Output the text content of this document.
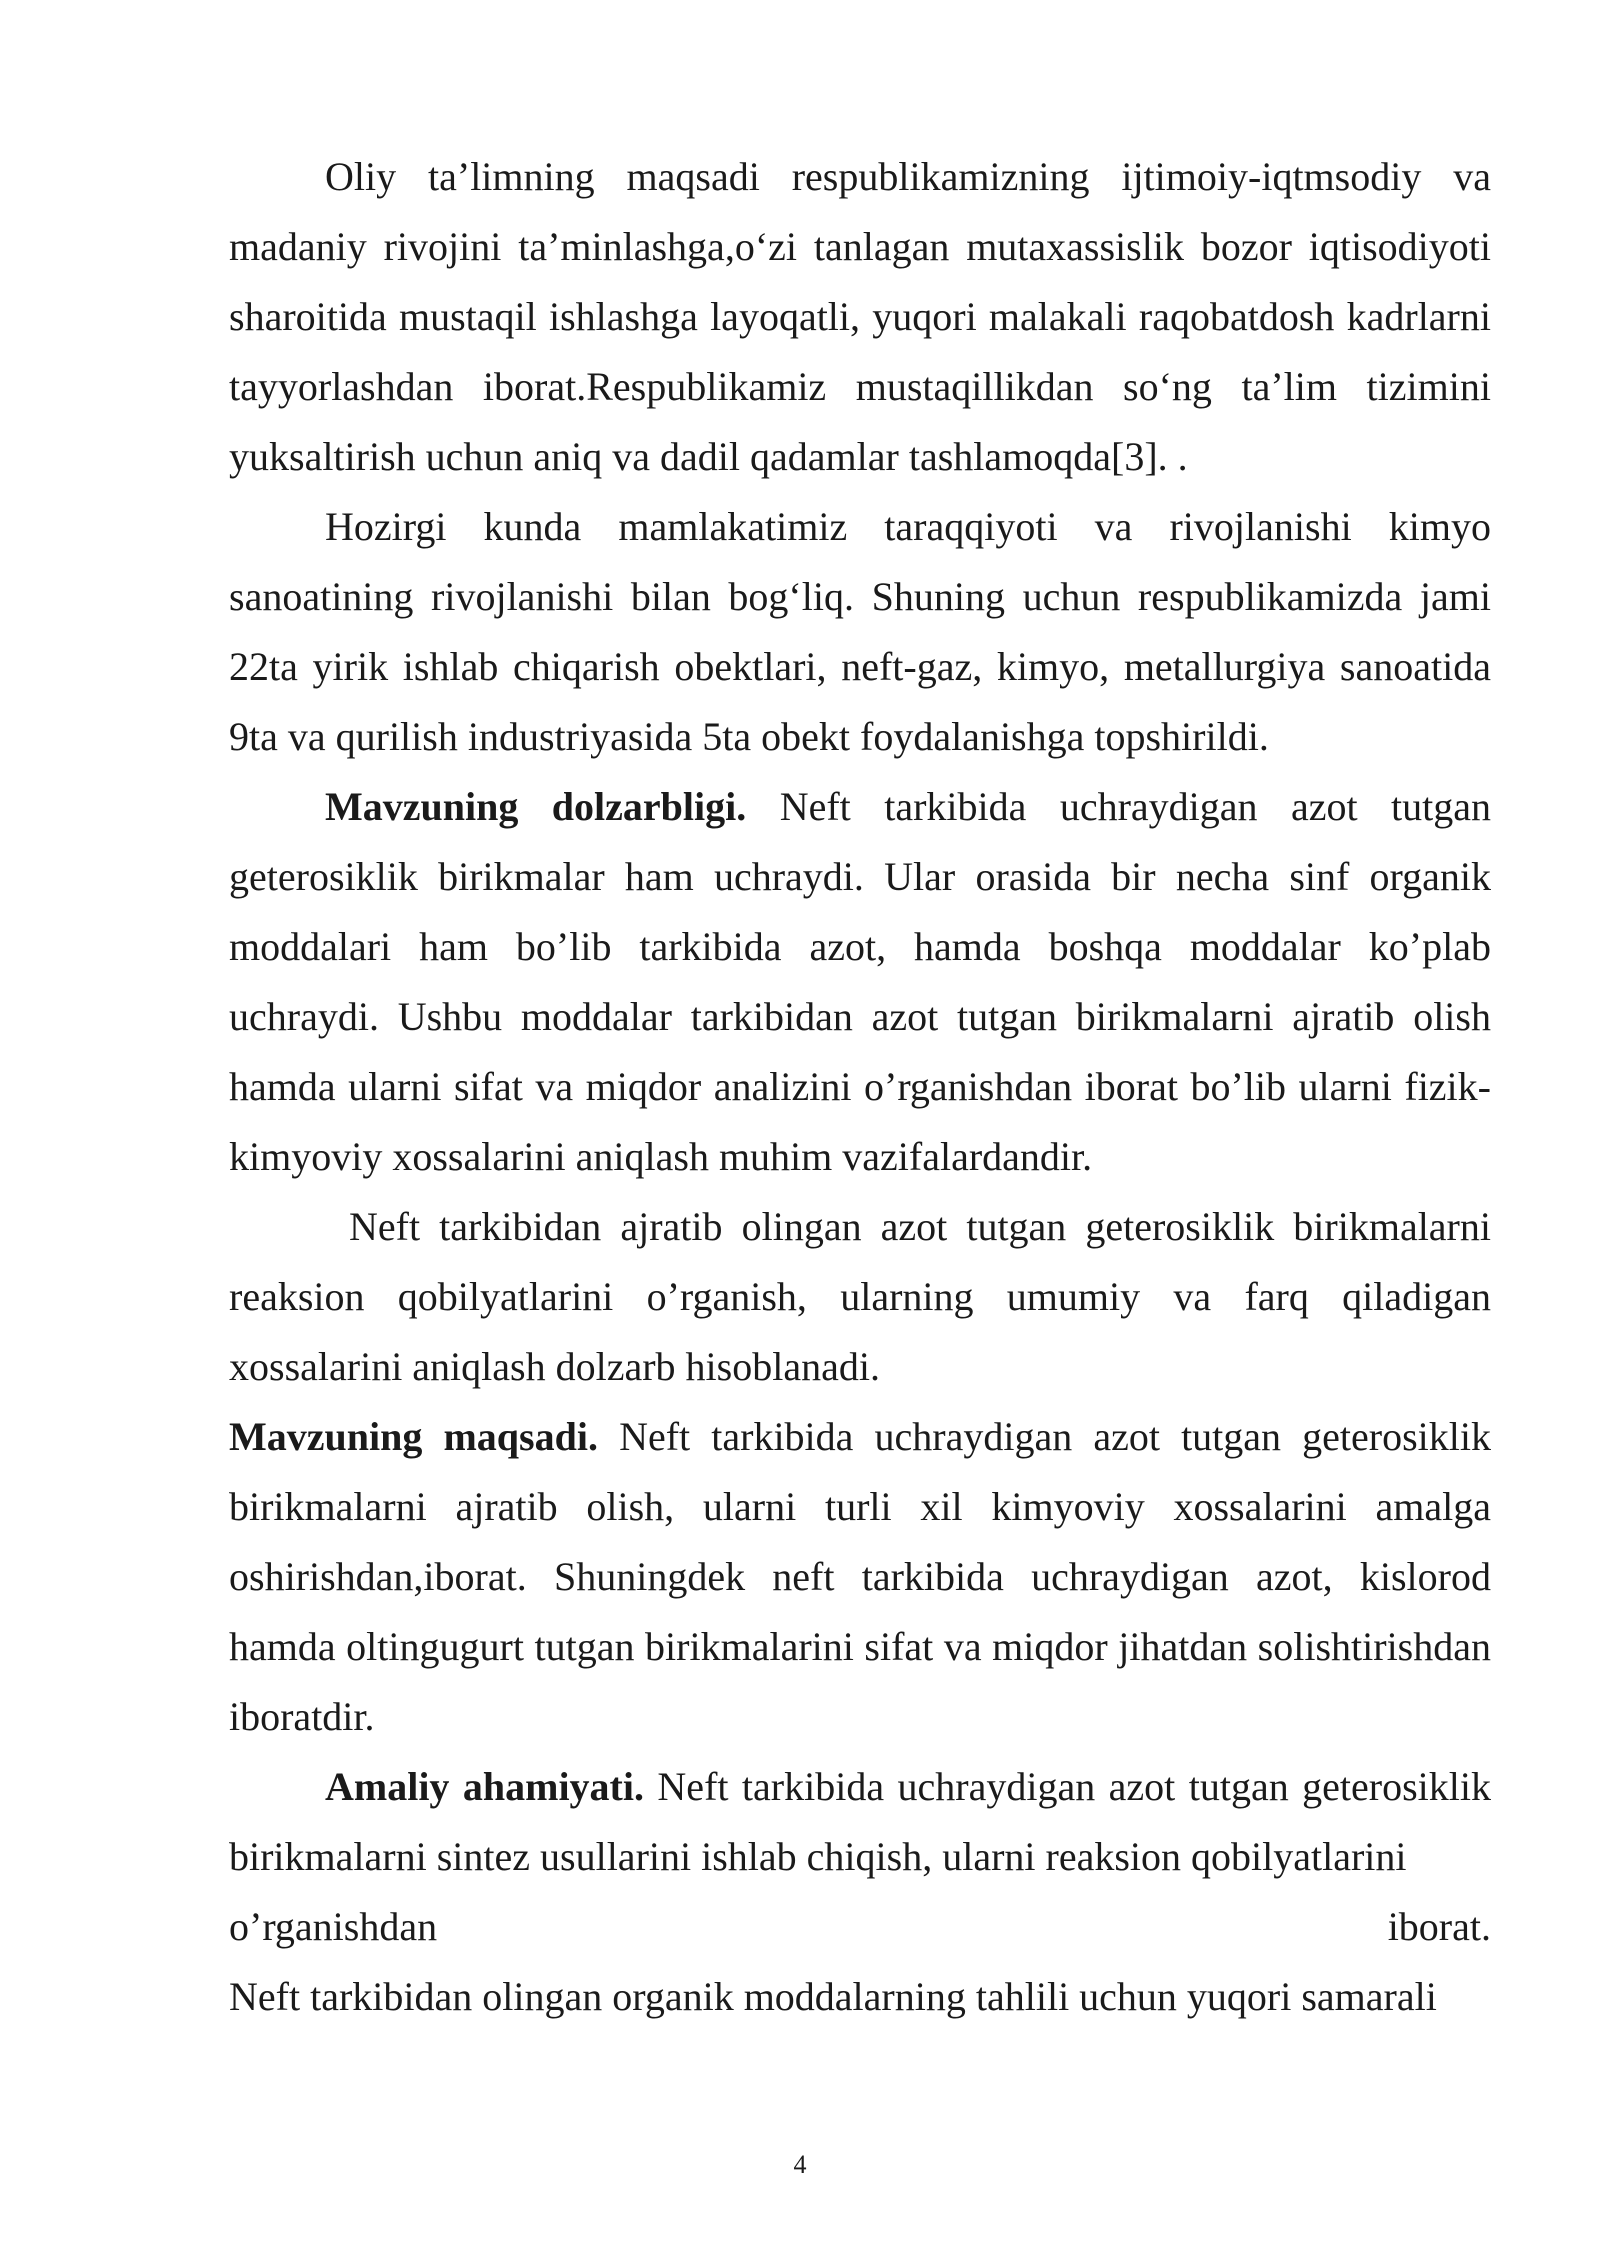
Oliy ta’limning maqsadi respublikamizning ijtimoiy-iqtmsodiy va madaniy rivojini ta’minlashga,o‘zi tanlagan mutaxassislik bozor iqtisodiyoti sharoitida mustaqil ishlashga layoqatli, yuqori malakali raqobatdosh kadrlarni tayyorlashdan iborat.Respublikamiz mustaqillikdan so‘ng ta’lim tizimini yuksaltirish uchun aniq va dadil qadamlar tashlamoqda[3]. .

Hozirgi kunda mamlakatimiz taraqqiyoti va rivojlanishi kimyo sanoatining rivojlanishi bilan bog‘liq. Shuning uchun respublikamizda jami 22ta yirik ishlab chiqarish obektlari, neft-gaz, kimyo, metallurgiya sanoatida 9ta va qurilish industriyasida 5ta obekt foydalanishga topshirildi.

Mavzuning dolzarbligi. Neft tarkibida uchraydigan azot tutgan geterosiklik birikmalar ham uchraydi. Ular orasida bir necha sinf organik moddalari ham bo’lib tarkibida azot, hamda boshqa moddalar ko’plab uchraydi. Ushbu moddalar tarkibidan azot tutgan birikmalarni ajratib olish hamda ularni sifat va miqdor analizini o’rganishdan iborat bo’lib ularni fizik-kimyoviy xossalarini aniqlash muhim vazifalardandir.

Neft tarkibidan ajratib olingan azot tutgan geterosiklik birikmalarni reaksion qobilyatlarini o’rganish, ularning umumiy va farq qiladigan xossalarini aniqlash dolzarb hisoblanadi.

Mavzuning maqsadi. Neft tarkibida uchraydigan azot tutgan geterosiklik birikmalarni ajratib olish, ularni turli xil kimyoviy xossalarini amalga oshirishdan,iborat. Shuningdek neft tarkibida uchraydigan azot, kislorod hamda oltingugurt tutgan birikmalarini sifat va miqdor jihatdan solishtirishdan iboratdir.

Amaliy ahamiyati. Neft tarkibida uchraydigan azot tutgan geterosiklik birikmalarni sintez usullarini ishlab chiqish, ularni reaksion qobilyatlarini

o’rganishdan	iborat.

Neft tarkibidan olingan organik moddalarning tahlili uchun yuqori samarali

4
